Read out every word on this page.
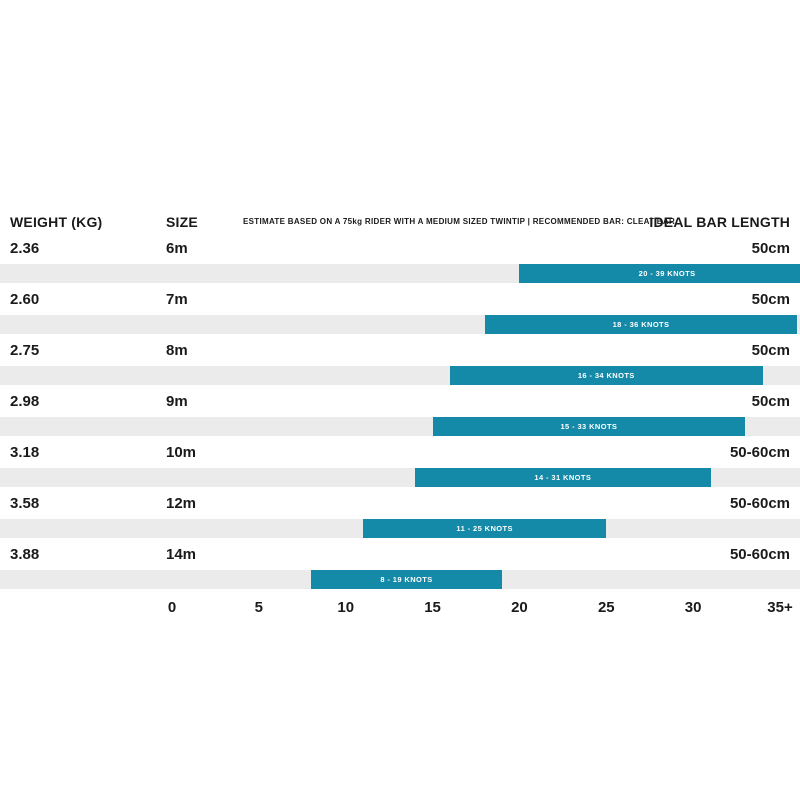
WEIGHT (KG)	SIZE	ESTIMATE BASED ON A 75kg RIDER WITH A MEDIUM SIZED TWINTIP | RECOMMENDED BAR: CLEAT BAR
IDEAL BAR LENGTH
2.36	6m	50cm
20 - 39 KNOTS
2.60	7m	50cm
18 - 36 KNOTS
2.75	8m	50cm
16 - 34 KNOTS
2.98	9m	50cm
15 - 33 KNOTS
3.18	10m	50-60cm
14 - 31 KNOTS
3.58	12m	50-60cm
11 - 25 KNOTS
3.88	14m	50-60cm
8 - 19 KNOTS
0	5	10	15	20	25	30	35+
